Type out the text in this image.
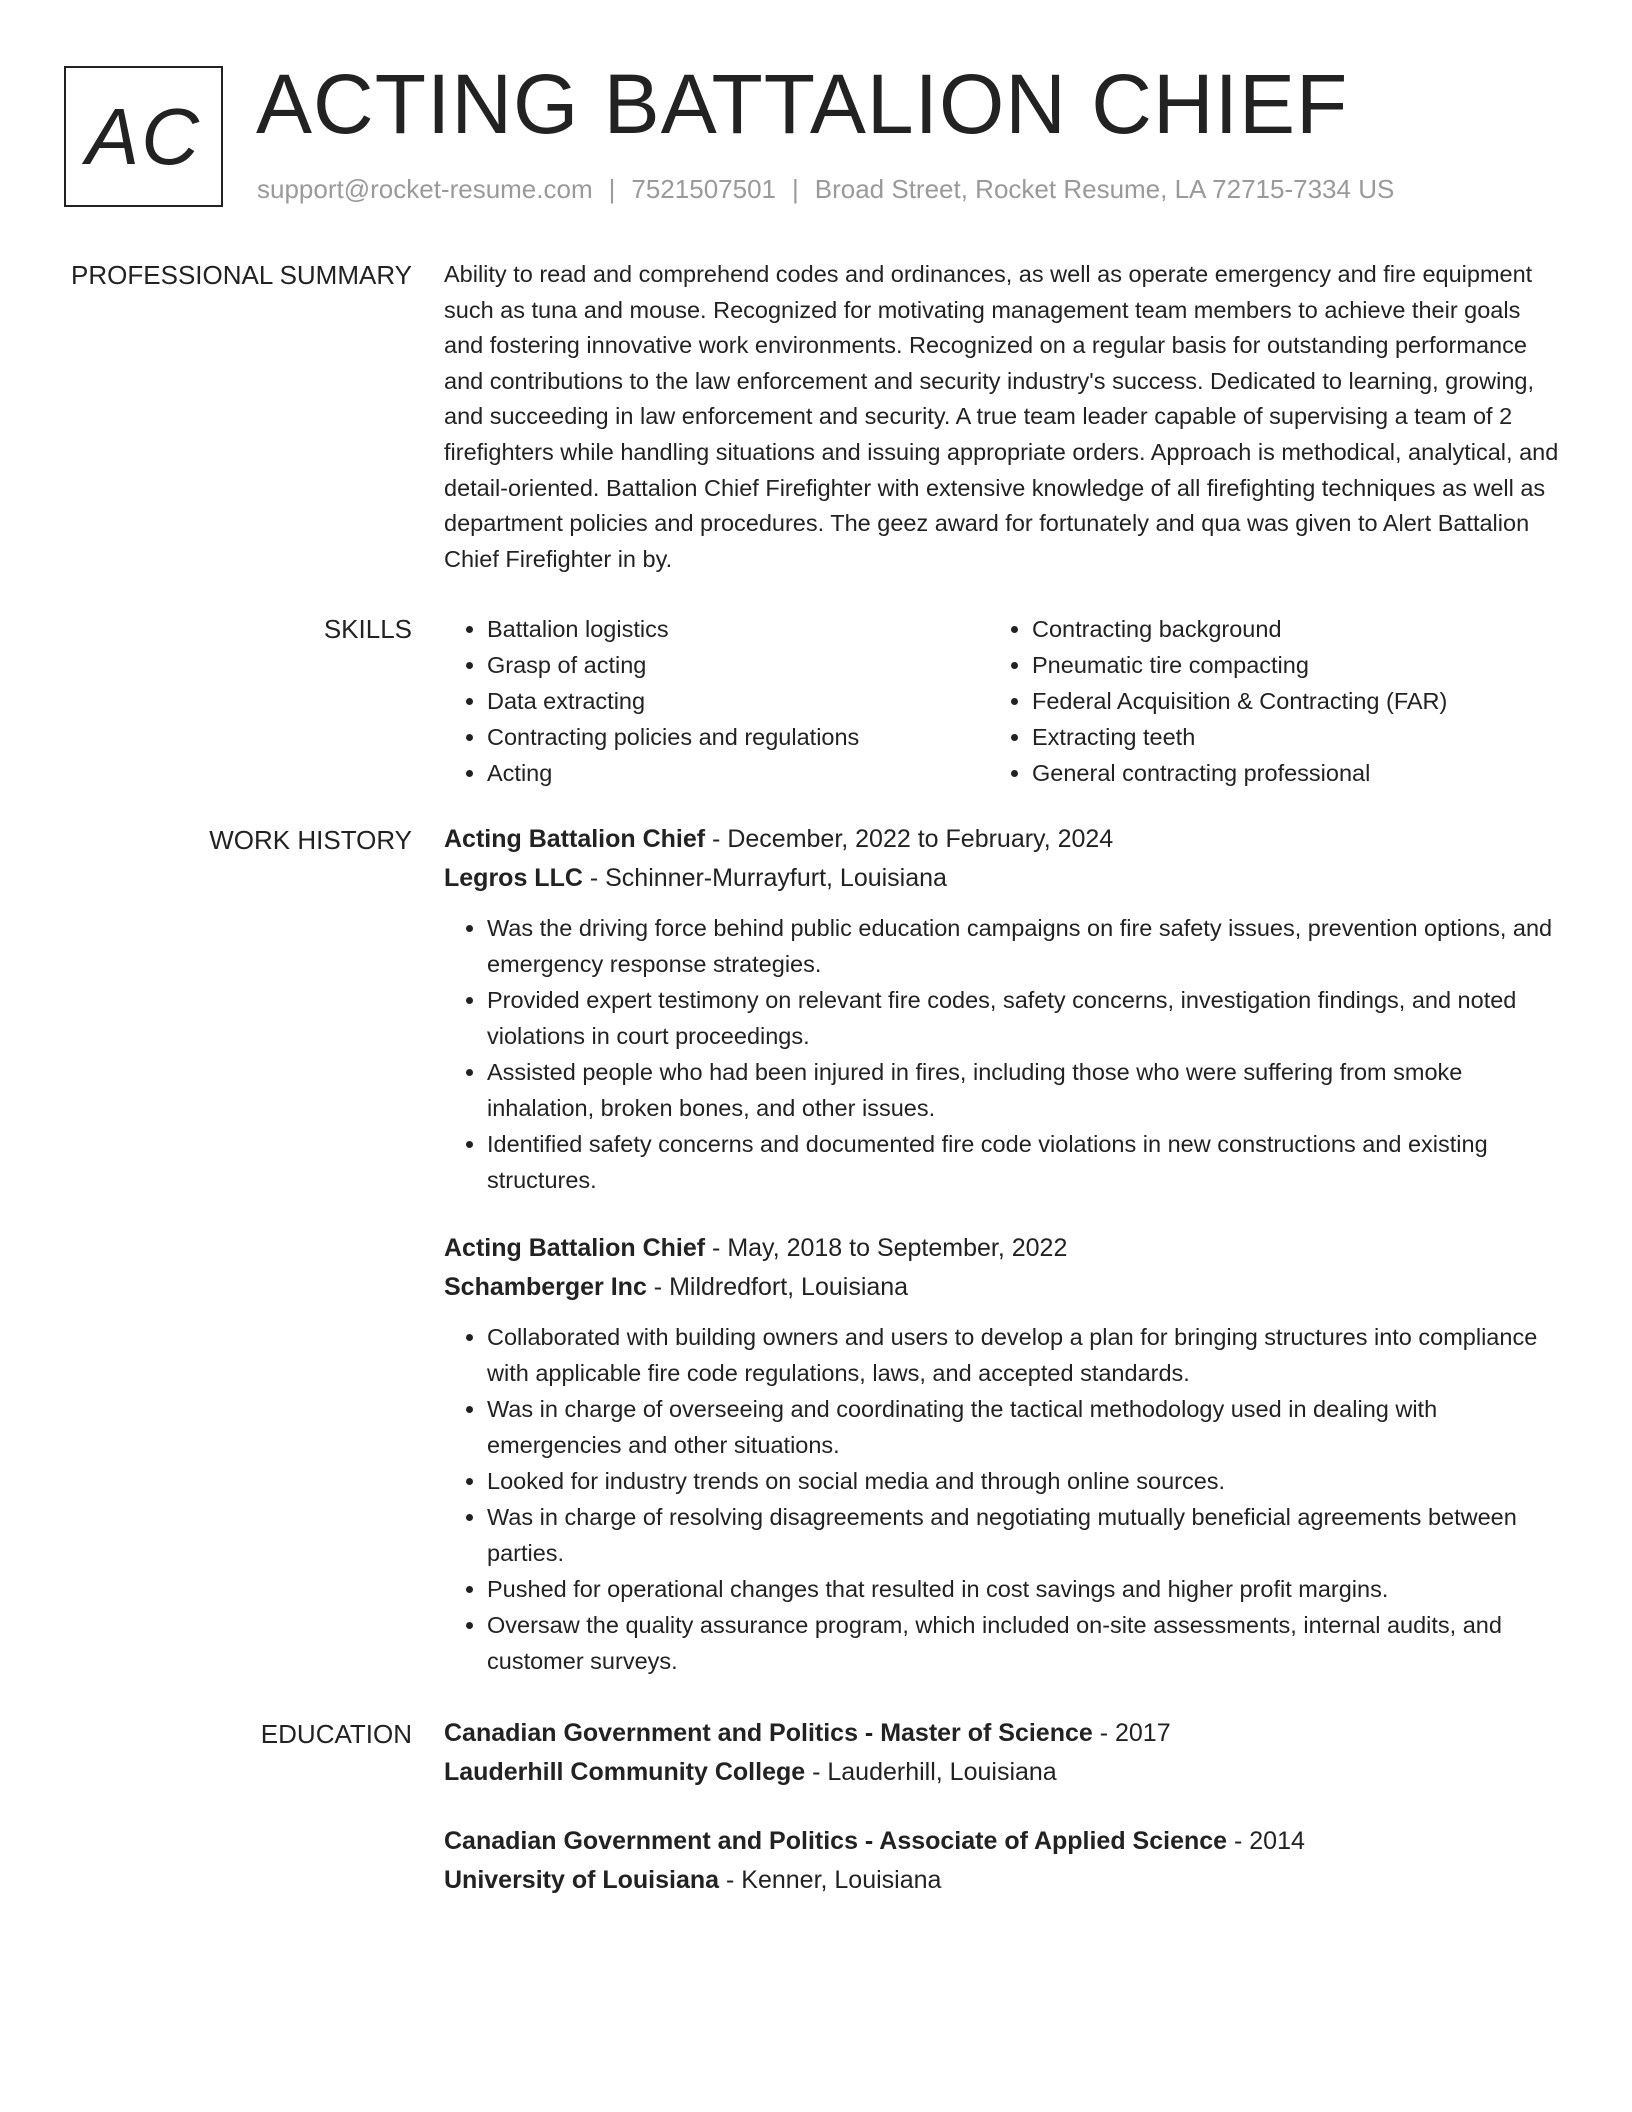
AC ACTING BATTALION CHIEF
support@rocket-resume.com | 7521507501 | Broad Street, Rocket Resume, LA 72715-7334 US
PROFESSIONAL SUMMARY Ability to read and comprehend codes and ordinances, as well as operate emergency and fire equipment such as tuna and mouse. Recognized for motivating management team members to achieve their goals and fostering innovative work environments. Recognized on a regular basis for outstanding performance and contributions to the law enforcement and security industry's success. Dedicated to learning, growing, and succeeding in law enforcement and security. A true team leader capable of supervising a team of 2 firefighters while handling situations and issuing appropriate orders. Approach is methodical, analytical, and detail-oriented. Battalion Chief Firefighter with extensive knowledge of all firefighting techniques as well as department policies and procedures. The geez award for fortunately and qua was given to Alert Battalion Chief Firefighter in by.

SKILLS
•	Battalion logistics
• Grasp of acting
• Data extracting
• Contracting policies and regulations
• Acting
• Contracting background
• Pneumatic tire compacting
• Federal Acquisition & Contracting (FAR)
• Extracting teeth
• General contracting professional
WORK HISTORY Acting Battalion Chief - December, 2022 to February, 2024
Legros LLC - Schinner-Murrayfurt, Louisiana
• Was the driving force behind public education campaigns on fire safety issues, prevention options, and emergency response strategies.
• Provided expert testimony on relevant fire codes, safety concerns, investigation findings, and noted violations in court proceedings.
• Assisted people who had been injured in fires, including those who were suffering from smoke inhalation, broken bones, and other issues.
• Identified safety concerns and documented fire code violations in new constructions and existing structures.
Acting Battalion Chief - May, 2018 to September, 2022
Schamberger Inc - Mildredfort, Louisiana
• Collaborated with building owners and users to develop a plan for bringing structures into compliance with applicable fire code regulations, laws, and accepted standards.
• Was in charge of overseeing and coordinating the tactical methodology used in dealing with emergencies and other situations.
• Looked for industry trends on social media and through online sources.
• Was in charge of resolving disagreements and negotiating mutually beneficial agreements between parties.
• Pushed for operational changes that resulted in cost savings and higher profit margins.
• Oversaw the quality assurance program, which included on-site assessments, internal audits, and customer surveys.
EDUCATION Canadian Government and Politics - Master of Science - 2017
Lauderhill Community College - Lauderhill, Louisiana
Canadian Government and Politics - Associate of Applied Science - 2014
University of Louisiana - Kenner, Louisiana
